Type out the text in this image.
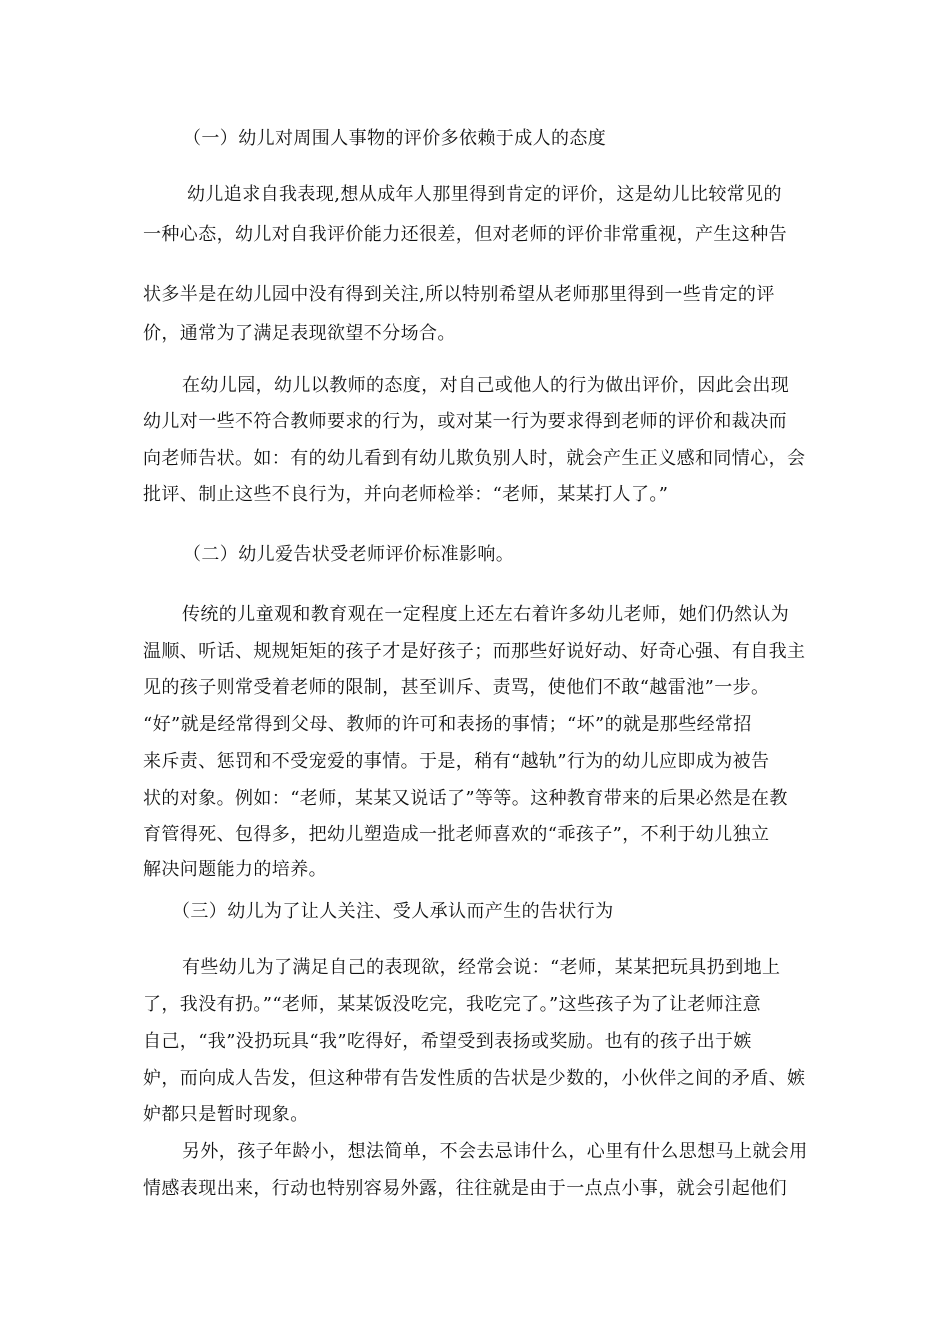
（一）幼儿对周围人事物的评价多依赖于成人的态度
幼儿追求自我表现,想从成年人那里得到肯定的评价，这是幼儿比较常见的
一种心态，幼儿对自我评价能力还很差，但对老师的评价非常重视，产生这种告
状多半是在幼儿园中没有得到关注,所以特别希望从老师那里得到一些肯定的评
价，通常为了满足表现欲望不分场合。
在幼儿园，幼儿以教师的态度，对自己或他人的行为做出评价，因此会出现
幼儿对一些不符合教师要求的行为，或对某一行为要求得到老师的评价和裁决而
向老师告状。如：有的幼儿看到有幼儿欺负别人时，就会产生正义感和同情心，会
批评、制止这些不良行为，并向老师检举：“老师，某某打人了。”
（二）幼儿爱告状受老师评价标准影响。
传统的儿童观和教育观在一定程度上还左右着许多幼儿老师，她们仍然认为
温顺、听话、规规矩矩的孩子才是好孩子；而那些好说好动、好奇心强、有自我主
见的孩子则常受着老师的限制，甚至训斥、责骂，使他们不敢“越雷池”一步。
“好”就是经常得到父母、教师的许可和表扬的事情；“坏”的就是那些经常招
来斥责、惩罚和不受宠爱的事情。于是，稍有“越轨”行为的幼儿应即成为被告
状的对象。例如：“老师，某某又说话了”等等。这种教育带来的后果必然是在教
育管得死、包得多，把幼儿塑造成一批老师喜欢的“乖孩子”，不利于幼儿独立
解决问题能力的培养。
（三）幼儿为了让人关注、受人承认而产生的告状行为
有些幼儿为了满足自己的表现欲，经常会说：“老师，某某把玩具扔到地上
了，我没有扔。”“老师，某某饭没吃完，我吃完了。”这些孩子为了让老师注意
自己，“我”没扔玩具“我”吃得好，希望受到表扬或奖励。也有的孩子出于嫉
妒，而向成人告发，但这种带有告发性质的告状是少数的，小伙伴之间的矛盾、嫉
妒都只是暂时现象。
另外，孩子年龄小，想法简单，不会去忌讳什么，心里有什么思想马上就会用
情感表现出来，行动也特别容易外露，往往就是由于一点点小事，就会引起他们
